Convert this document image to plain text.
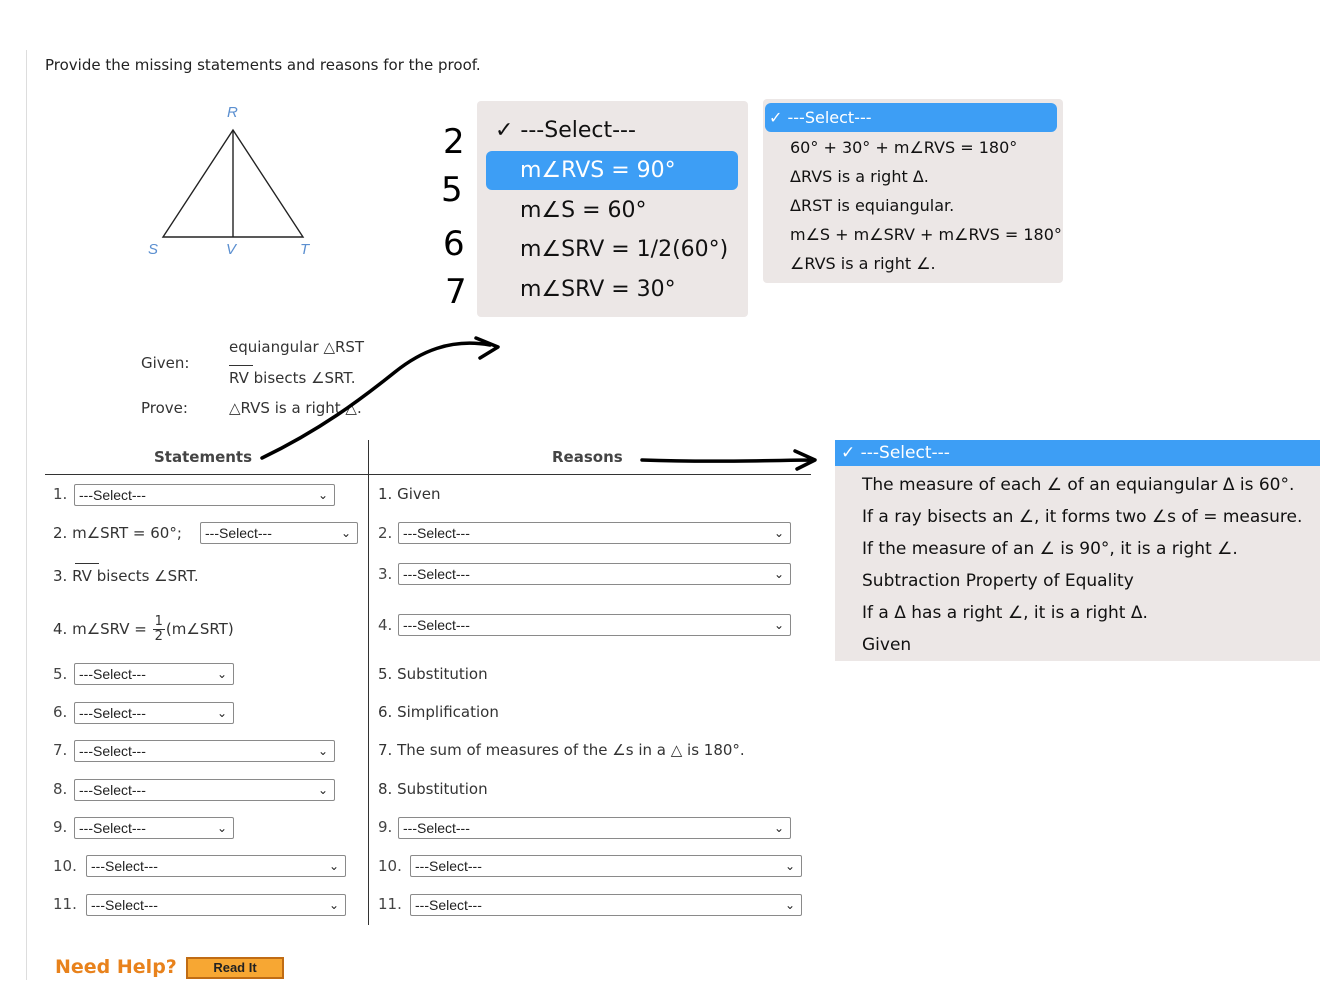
Provide the missing statements and reasons for the proof.
R
S	V	T
Given:
equiangular △RST
RV bisects ∠SRT.
Prove:	△RVS is a right △.
Statements	Reasons
1. ---Select---	⌄	1. Given
2. m∠SRT = 60°; ---Select---	⌄ 2. ---Select---	⌄
3. RV bisects ∠SRT.	3. ---Select---	⌄
4. m∠SRV = $\frac{1}{2}$ (m∠SRT)	4. ---Select---	⌄
5. ---Select---	⌄	5. Substitution
6. ---Select---	⌄	6. Simplification
7. ---Select---	⌄	7. The sum of measures of the ∠s in a △ is 180°.
8. ---Select---	⌄	8. Substitution
9. ---Select---	⌄	9. ---Select---	⌄
10. ---Select---	⌄	10. ---Select---	⌄
11. ---Select---	⌄	11. ---Select---	⌄
✓ ---Select---
m∠RVS = 90°
m∠S = 60°
m∠SRV = 1/2(60°)
m∠SRV = 30°
✓ ---Select---
60° + 30° + m∠RVS = 180°
ΔRVS is a right Δ.
ΔRST is equiangular.
m∠S + m∠SRV + m∠RVS = 180°
∠RVS is a right ∠.
✓ ---Select---
The measure of each ∠ of an equiangular Δ is 60°.
If a ray bisects an ∠, it forms two ∠s of = measure.
If the measure of an ∠ is 90°, it is a right ∠.
Subtraction Property of Equality
If a Δ has a right ∠, it is a right Δ.
Given
2
5
6
7
Need Help?	Read It
